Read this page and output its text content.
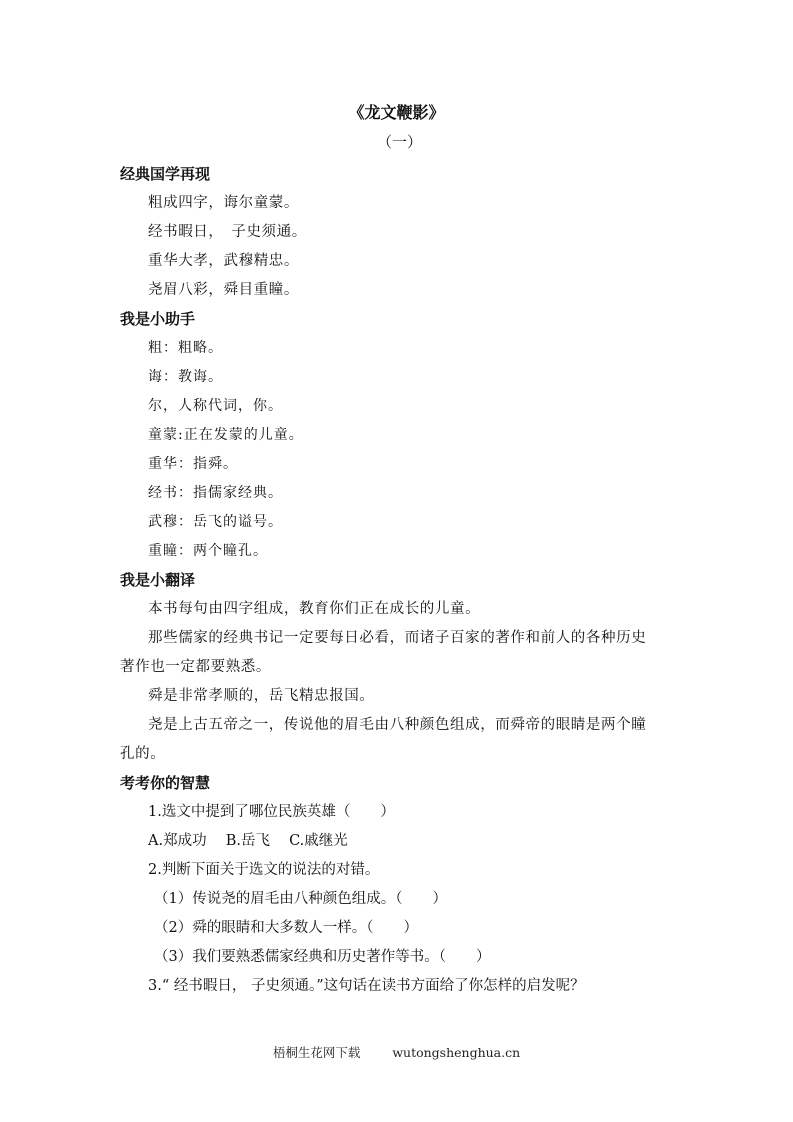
《龙文鞭影》
（一）
经典国学再现
粗成四字，诲尔童蒙。
经书暇日，　子史须通。
重华大孝，武穆精忠。
尧眉八彩，舜目重瞳。
我是小助手
粗：粗略。
诲：教诲。
尔，人称代词，你。
童蒙:正在发蒙的儿童。
重华：指舜。
经书：指儒家经典。
武穆：岳飞的谥号。
重瞳：两个瞳孔。
我是小翻译
本书每句由四字组成，教育你们正在成长的儿童。
那些儒家的经典书记一定要每日必看，而诸子百家的著作和前人的各种历史
著作也一定都要熟悉。
舜是非常孝顺的，岳飞精忠报国。
尧是上古五帝之一，传说他的眉毛由八种颜色组成，而舜帝的眼睛是两个瞳
孔的。
考考你的智慧
1.选文中提到了哪位民族英雄（ ）
A.郑成功　 B.岳飞　 C.戚继光
2.判断下面关于选文的说法的对错。
（1）传说尧的眉毛由八种颜色组成。（ ）
（2）舜的眼睛和大多数人一样。（ ）
（3）我们要熟悉儒家经典和历史著作等书。（ ）
3.“ 经书暇日， 子史须通。”这句话在读书方面给了你怎样的启发呢？
梧桐生花网下载	wutongshenghua.cn
